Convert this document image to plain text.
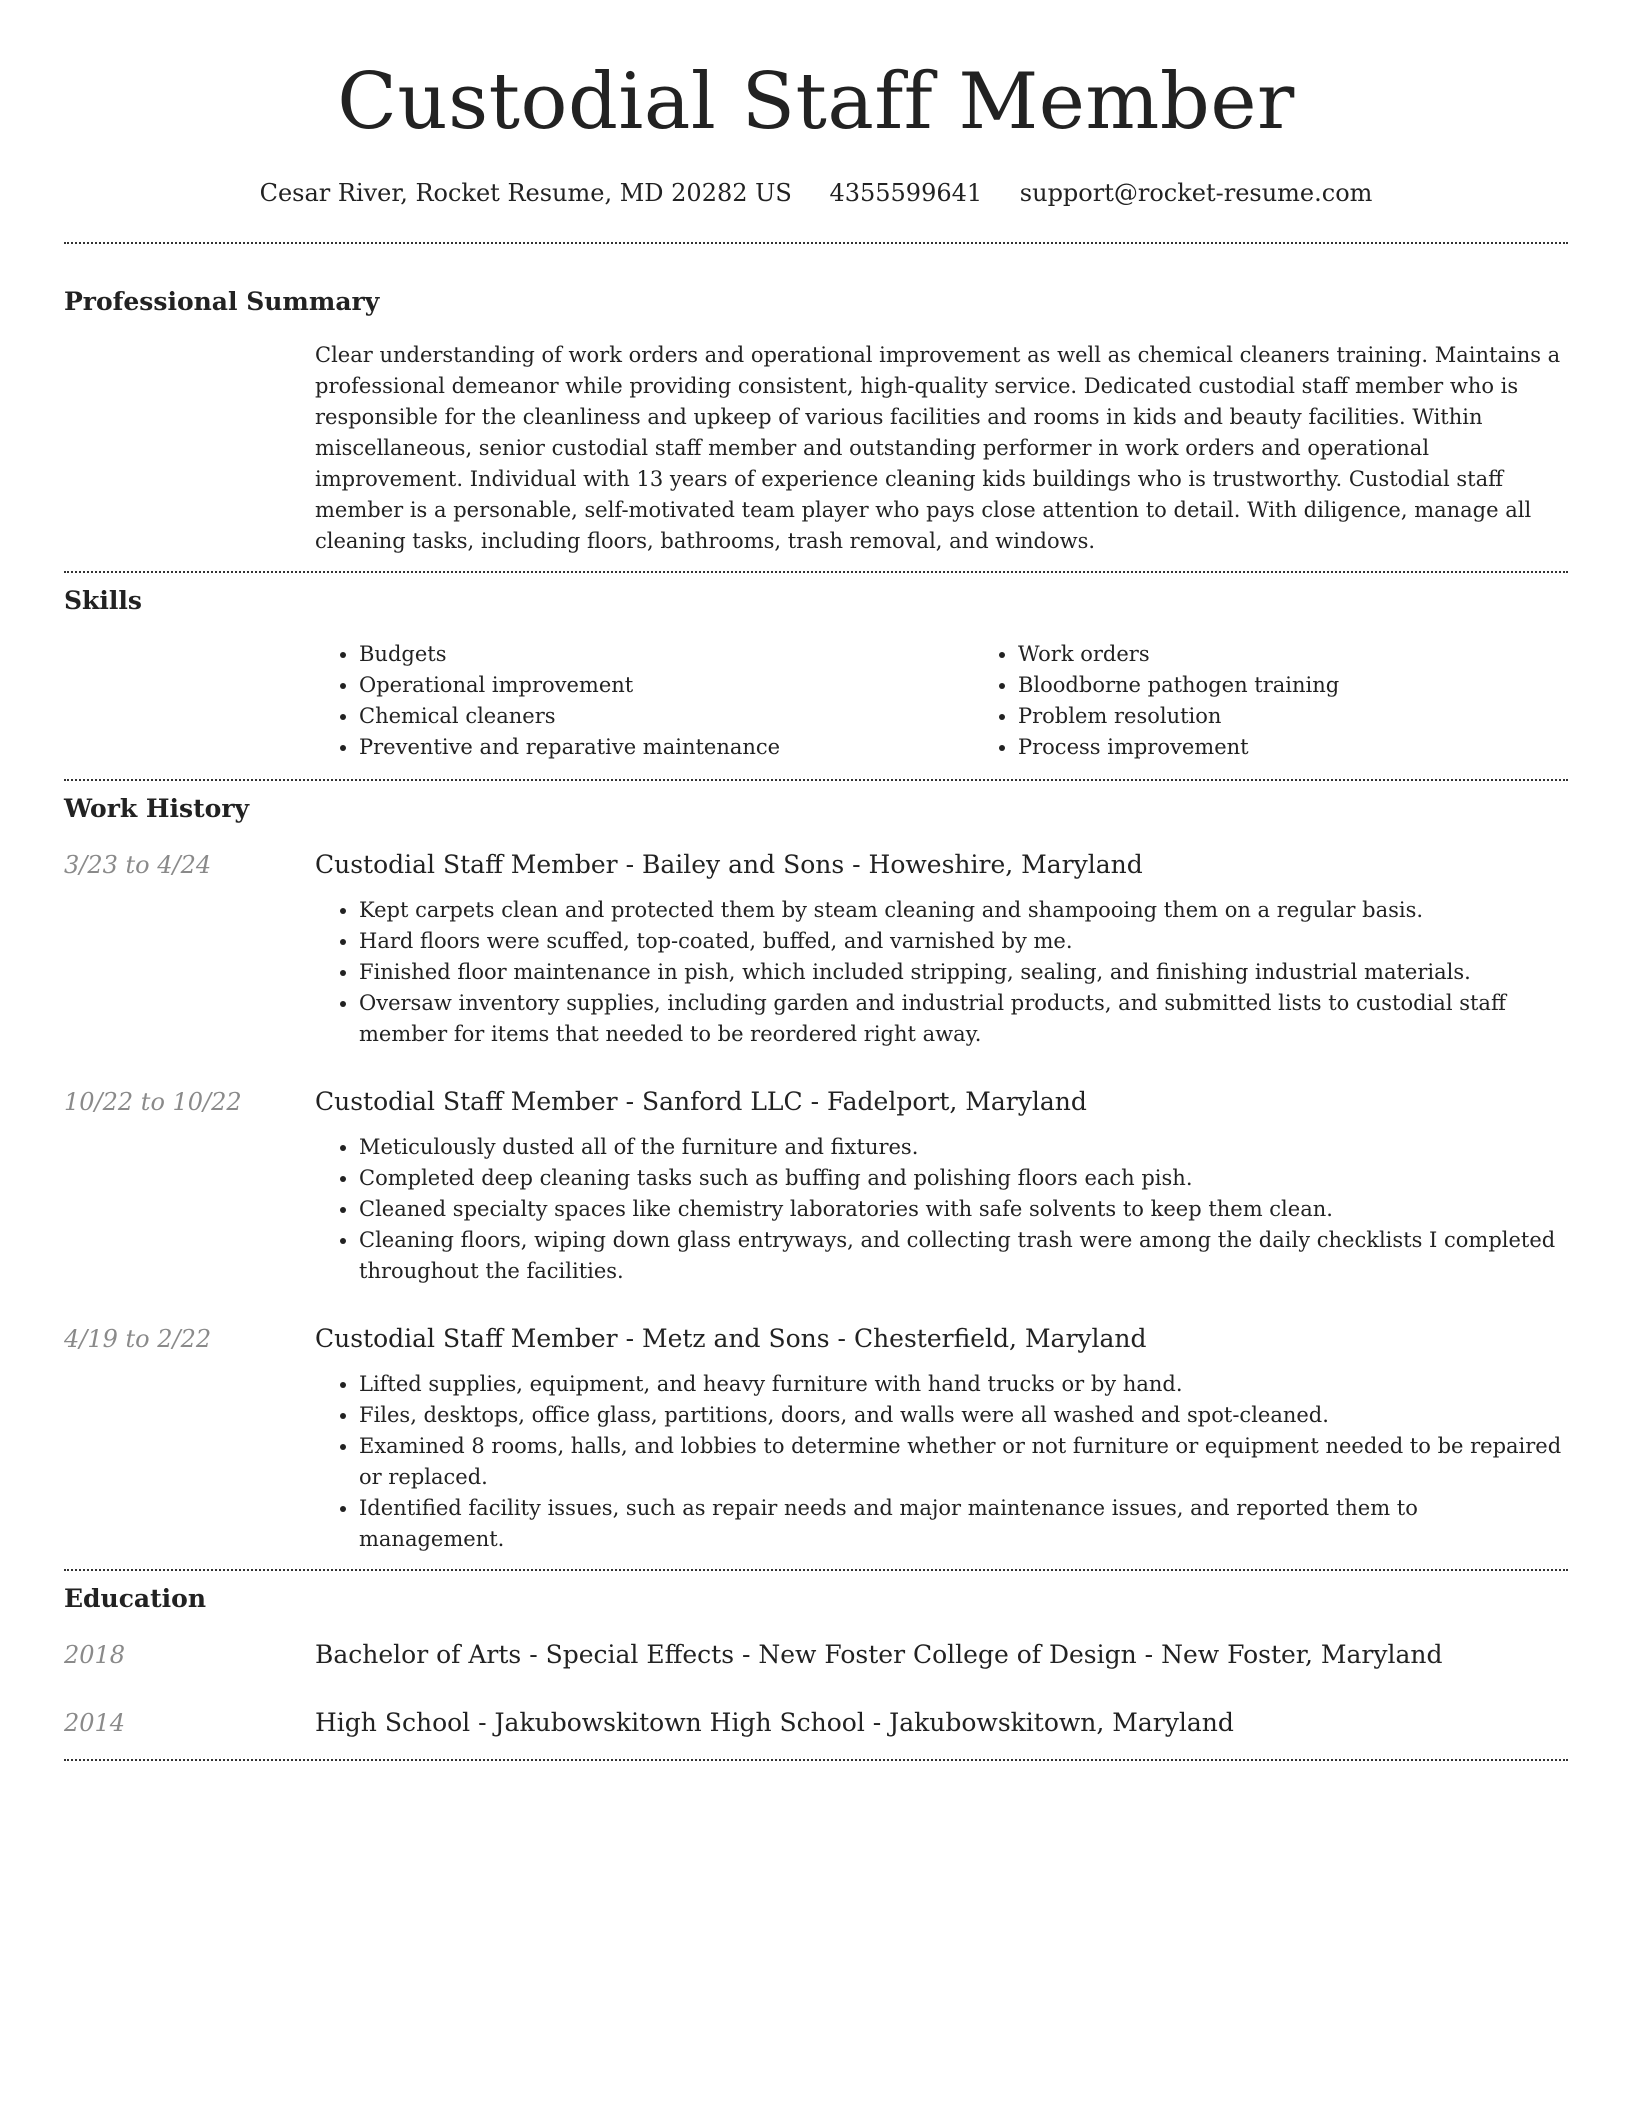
Custodial Staff Member
Cesar River, Rocket Resume, MD 20282 US 4355599641 support@rocket-resume.com
Professional Summary

Clear understanding of work orders and operational improvement as well as chemical cleaners training. Maintains a professional demeanor while providing consistent, high-quality service. Dedicated custodial staff member who is responsible for the cleanliness and upkeep of various facilities and rooms in kids and beauty facilities. Within miscellaneous, senior custodial staff member and outstanding performer in work orders and operational improvement. Individual with 13 years of experience cleaning kids buildings who is trustworthy. Custodial staff member is a personable, self-motivated team player who pays close attention to detail. With diligence, manage all cleaning tasks, including floors, bathrooms, trash removal, and windows.

Skills
• Budgets
• Operational improvement
• Chemical cleaners
• Preventive and reparative maintenance
• Work orders
• Bloodborne pathogen training
• Problem resolution
• Process improvement
Work History
3/23 to 4/24	Custodial Staff Member - Bailey and Sons - Howeshire, Maryland
• Kept carpets clean and protected them by steam cleaning and shampooing them on a regular basis.
• Hard floors were scuffed, top-coated, buffed, and varnished by me.
• Finished floor maintenance in pish, which included stripping, sealing, and finishing industrial materials.
• Oversaw inventory supplies, including garden and industrial products, and submitted lists to custodial staff member for items that needed to be reordered right away.
10/22 to 10/22	Custodial Staff Member - Sanford LLC - Fadelport, Maryland
• Meticulously dusted all of the furniture and fixtures.
• Completed deep cleaning tasks such as buffing and polishing floors each pish.
• Cleaned specialty spaces like chemistry laboratories with safe solvents to keep them clean.
• Cleaning floors, wiping down glass entryways, and collecting trash were among the daily checklists I completed throughout the facilities.
4/19 to 2/22	Custodial Staff Member - Metz and Sons - Chesterfield, Maryland
• Lifted supplies, equipment, and heavy furniture with hand trucks or by hand.
• Files, desktops, office glass, partitions, doors, and walls were all washed and spot-cleaned.
• Examined 8 rooms, halls, and lobbies to determine whether or not furniture or equipment needed to be repaired or replaced.
• Identified facility issues, such as repair needs and major maintenance issues, and reported them to management.
Education
2018	Bachelor of Arts - Special Effects - New Foster College of Design - New Foster, Maryland
2014	High School - Jakubowskitown High School - Jakubowskitown, Maryland
